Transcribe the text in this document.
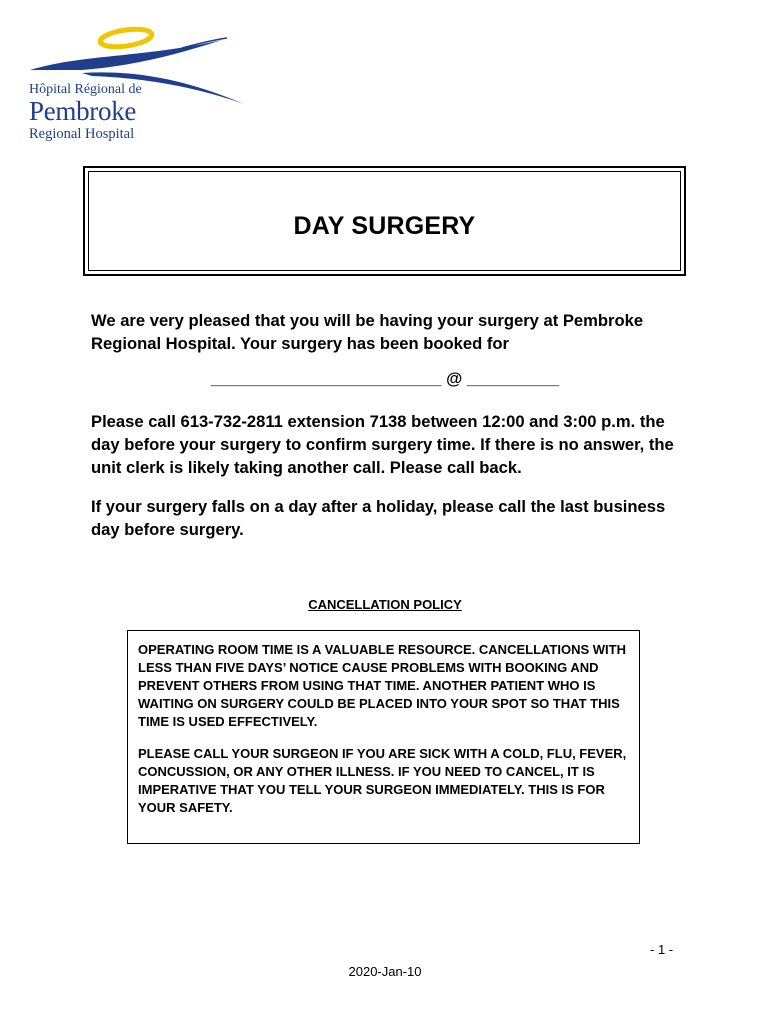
Hôpital Régional de
Pembroke
Regional Hospital
DAY SURGERY
We are very pleased that you will be having your surgery at Pembroke Regional Hospital. Your surgery has been booked for
_________________________ @ __________
Please call 613-732-2811 extension 7138 between 12:00 and 3:00 p.m. the day before your surgery to confirm surgery time. If there is no answer, the unit clerk is likely taking another call. Please call back.
If your surgery falls on a day after a holiday, please call the last business day before surgery.
CANCELLATION POLICY

OPERATING ROOM TIME IS A VALUABLE RESOURCE. CANCELLATIONS WITH LESS THAN FIVE DAYS’ NOTICE CAUSE PROBLEMS WITH BOOKING AND PREVENT OTHERS FROM USING THAT TIME. ANOTHER PATIENT WHO IS WAITING ON SURGERY COULD BE PLACED INTO YOUR SPOT SO THAT THIS TIME IS USED EFFECTIVELY.

PLEASE CALL YOUR SURGEON IF YOU ARE SICK WITH A COLD, FLU, FEVER, CONCUSSION, OR ANY OTHER ILLNESS. IF YOU NEED TO CANCEL, IT IS IMPERATIVE THAT YOU TELL YOUR SURGEON IMMEDIATELY. THIS IS FOR YOUR SAFETY.

- 1 -
2020-Jan-10
